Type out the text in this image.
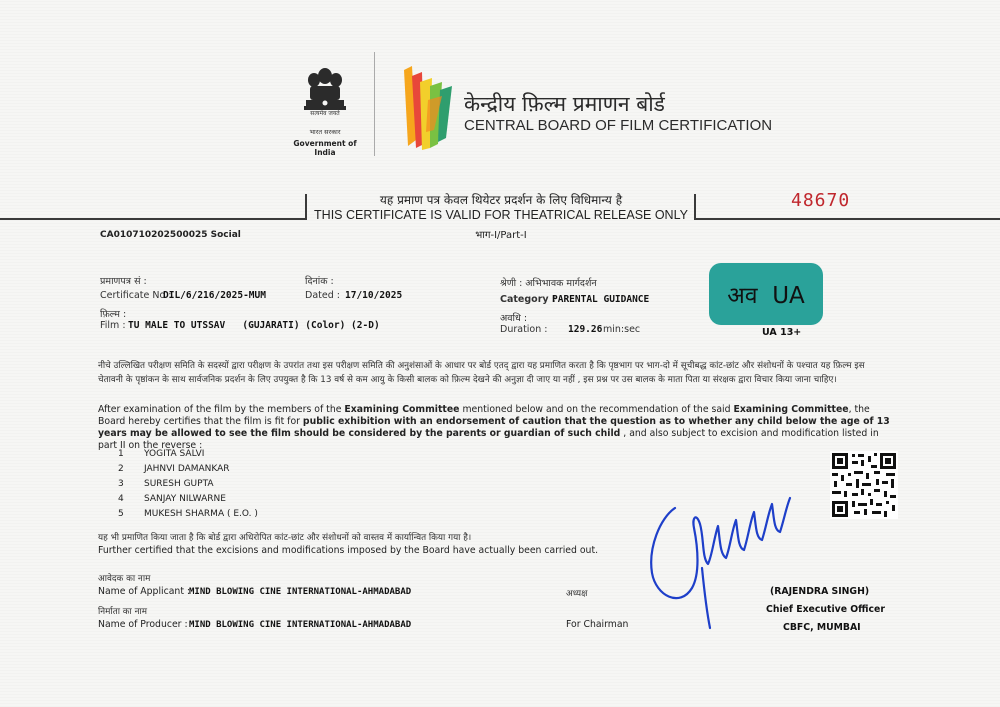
सत्यमेव जयते
भारत सरकार
Government of India
केन्द्रीय फ़िल्म प्रमाणन बोर्ड
CENTRAL BOARD OF FILM CERTIFICATION
यह प्रमाण पत्र केवल थियेटर प्रदर्शन के लिए विधिमान्य है
THIS CERTIFICATE IS VALID FOR THEATRICAL RELEASE ONLY
भाग-I/Part-I
48670
CA010710202500025 Social
प्रमाणपत्र सं :
Certificate No :
DIL/6/216/2025-MUM
दिनांक :
Dated : 17/10/2025
फ़िल्म :
Film : TU MALE TO UTSSAV   (GUJARATI) (Color) (2-D)
श्रेणी : अभिभावक मार्गदर्शन
Category :
PARENTAL GUIDANCE
अवधि :
Duration : 129.26 min:sec
अव  UA
UA 13+
नीचे उल्लिखित परीक्षण समिति के सदस्यों द्वारा परीक्षण के उपरांत तथा इस परीक्षण समिति की अनुशंसाओं के आधार पर बोर्ड एतद् द्वारा यह प्रमाणित करता है कि पृष्ठभाग पर भाग-दो में सूचीबद्ध कांट-छांट और संशोधनों के पश्चात यह फ़िल्म इस चेतावनी के पृष्ठांकन के साथ सार्वजनिक प्रदर्शन के लिए उपयुक्त है कि 13 वर्ष से कम आयु के किसी बालक को फ़िल्म देखने की अनुज्ञा दी जाए या नहीं , इस प्रश्न पर उस बालक के माता पिता या संरक्षक द्वारा विचार किया जाना चाहिए।
After examination of the film by the members of the Examining Committee mentioned below and on the recommendation of the said Examining Committee, the Board hereby certifies that the film is fit for public exhibition with an endorsement of caution that the question as to whether any child below the age of 13 years may be allowed to see the film should be considered by the parents or guardian of such child , and also subject to excision and modification listed in part II on the reverse :
1 YOGITA SALVI
2 JAHNVI DAMANKAR
3 SURESH GUPTA
4 SANJAY NILWARNE
5 MUKESH SHARMA ( E.O. )
यह भी प्रमाणित किया जाता है कि बोर्ड द्वारा अधिरोपित कांट-छांट और संशोधनों को वास्तव में कार्यान्वित किया गया है।
Further certified that the excisions and modifications imposed by the Board have actually been carried out.
आवेदक का नाम
Name of Applicant :
MIND BLOWING CINE INTERNATIONAL-AHMADABAD
निर्माता का नाम
Name of Producer : MIND BLOWING CINE INTERNATIONAL-AHMADABAD
अध्यक्ष
For Chairman
(RAJENDRA SINGH)
Chief Executive Officer
CBFC, MUMBAI
